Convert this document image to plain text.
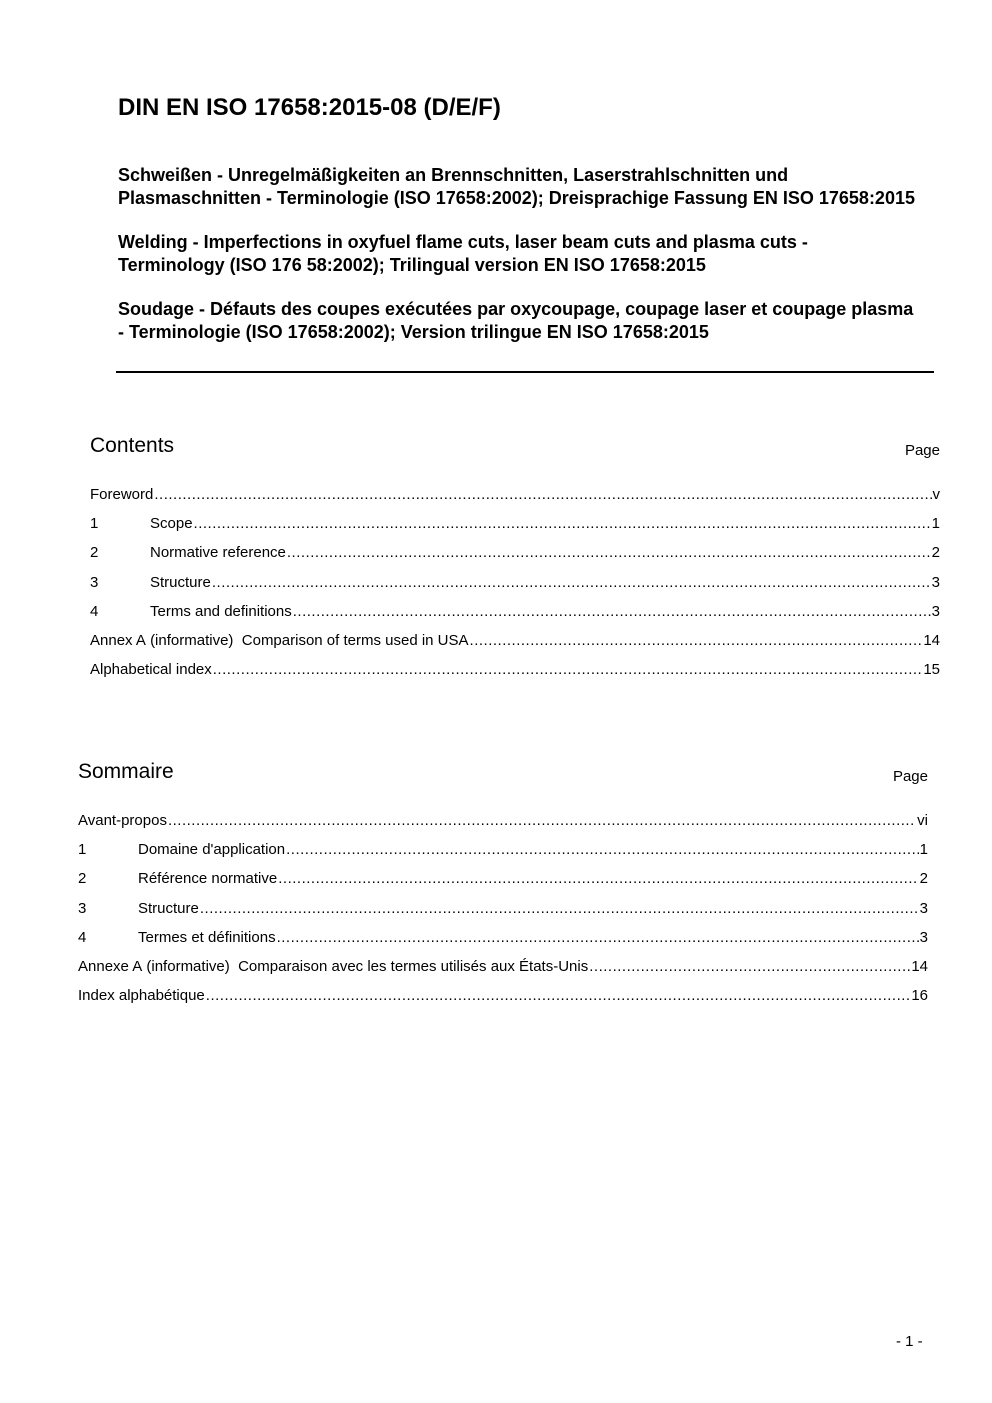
DIN EN ISO 17658:2015-08 (D/E/F)

Schweißen - Unregelmäßigkeiten an Brennschnitten, Laserstrahlschnitten und Plasmaschnitten - Terminologie (ISO 17658:2002); Dreisprachige Fassung EN ISO 17658:2015

Welding - Imperfections in oxyfuel flame cuts, laser beam cuts and plasma cuts - Terminology (ISO 176 58:2002); Trilingual version EN ISO 17658:2015

Soudage - Défauts des coupes exécutées par oxycoupage, coupage laser et coupage plasma - Terminologie (ISO 17658:2002); Version trilingue EN ISO 17658:2015

Contents	Page
Foreword .....	v
1	Scope .....	1
2	Normative reference .....	2
3	Structure .....	3
4	Terms and definitions .....	3
Annex A
(informative)
Comparison of terms used in USA .....	14
Alphabetical index .....	15
Sommaire	Page
Avant-propos .....	vi
1	Domaine d'application .....	1
2	Référence normative .....	2
3	Structure .....	3
4	Termes et définitions .....	3
Annexe A
(informative)
Comparaison avec les termes utilisés aux États-Unis .....	14
Index alphabétique .....	16
- 1 -
